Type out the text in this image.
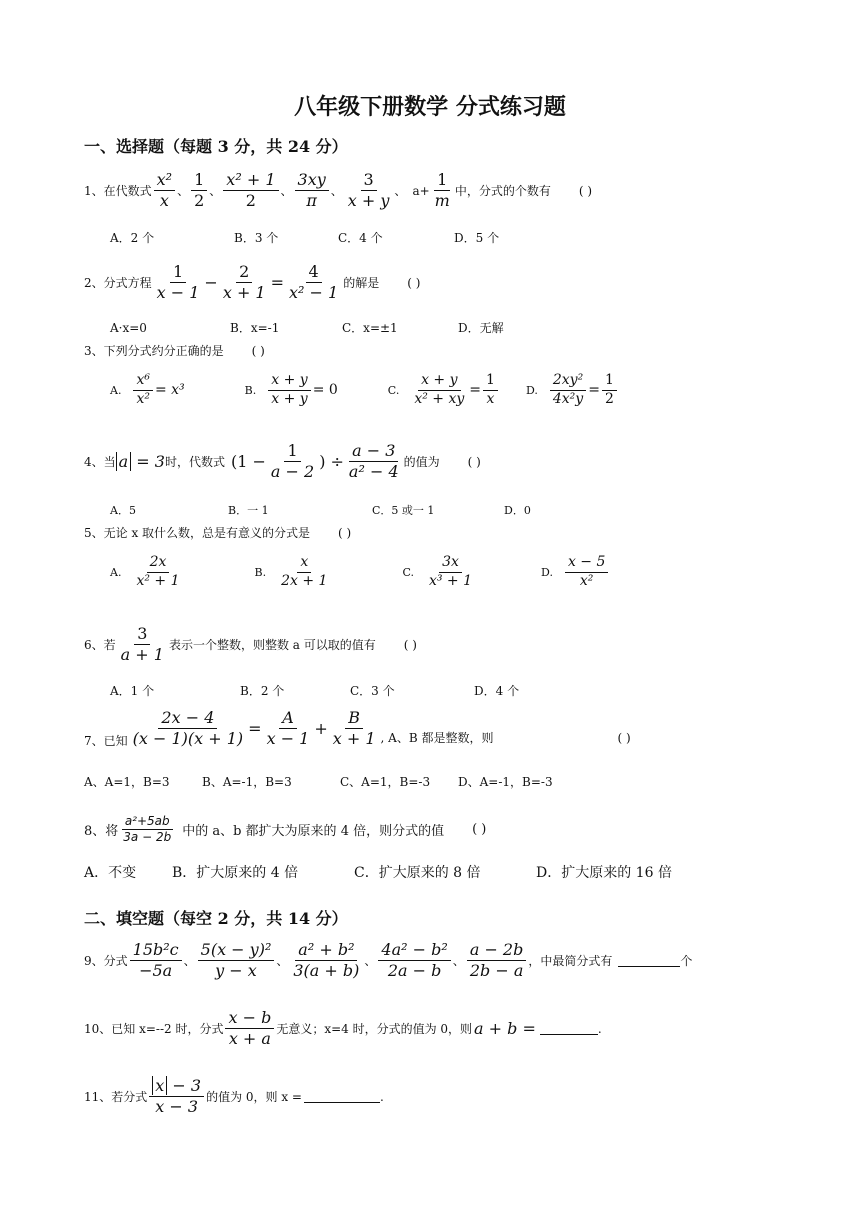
八年级下册数学 分式练习题
一、选择题（每题 3 分，共 24 分）
1、在代数式 $\frac{\text{x²}}{x}$ 、 $\frac{1}{2}$ 、 $\frac{\text{x² + 1}}{2}$ 、 $\frac{3xy}{\pi}$ 、 $\frac{3}{x + y}$ 、 $a+ \frac{1}{m}$ 中，分式的个数有 ( )
A．2 个	B．3 个	C．4 个	D．5 个
2、分式方程 $\frac{1}{x - 1} - \frac{2}{x + 1} = \frac{4}{\text{x² − 1}}$ 的解是 ( )
A·x=0	B．x=-1	C．x=±1	D．无解
3、下列分式约分正确的是 ( )
A. $\frac{\text{x⁶}}{\text{x²}} = x^3$	B. $\frac{x + y}{x + y} = 0$	C. $\frac{x + y}{\text{x² + xy}} = \frac{1}{x}$	D. $\frac{\text{2xy²}}{\text{4x²y}} = \frac{1}{2}$
4、当 a = 3 时，代数式 ($1 - \frac{1}{a - 2}$ ) ÷ $\frac{a - 3}{\text{a² − 4}}$ 的值为 ( )
A．5	B．一 1	C．5 或一 1	D．0
5、无论 x 取什么数，总是有意义的分式是 ( )
A. $\frac{2x}{\text{x² + 1}}$	B. $\frac{x}{2x + 1}$	C. $\frac{3x}{\text{x³ + 1}}$	D. $\frac{x - 5}{\text{x²}}$
6、若 $\frac{3}{a + 1}$ 表示一个整数，则整数 a 可以取的值有 ( )
A．1 个	B．2 个	C．3 个	D．4 个
7、已知 $\frac{2x - 4}{(x - 1)(x + 1)} = \frac{A}{x - 1} + \frac{B}{x + 1}$ , A、B 都是整数，则	( )
A、A=1，B=3	B、A=-1，B=3	C、A=1，B=-3 D、A=-1，B=-3
8、将 $\frac{\text{a²+5ab}}{3a - 2b}$ 中的 a、b 都扩大为原来的 4 倍，则分式的值 ( )
A．不变	B．扩大原来的 4 倍	C．扩大原来的 8 倍	D．扩大原来的 16 倍
二、填空题（每空 2 分，共 14 分）
9、分式 $\frac{\text{15b²c}}{-5a}$ 、 $\frac{\text{5(x − y)²}}{y - x}$ 、 $\frac{\text{a² + b²}}{3(a + b)}$ 、 $\frac{\text{4a² − b²}}{2a - b}$ 、 $\frac{a - 2b}{2b - a}$ ，中最简分式有	个
10、已知 x=--2 时，分式 $\frac{x - b}{x + a}$ 无意义；x=4 时，分式的值为 0，则 a + b =	.
11、若分式 $\frac{x - 3}{x - 3}$ 的值为 0，则 x =	.
